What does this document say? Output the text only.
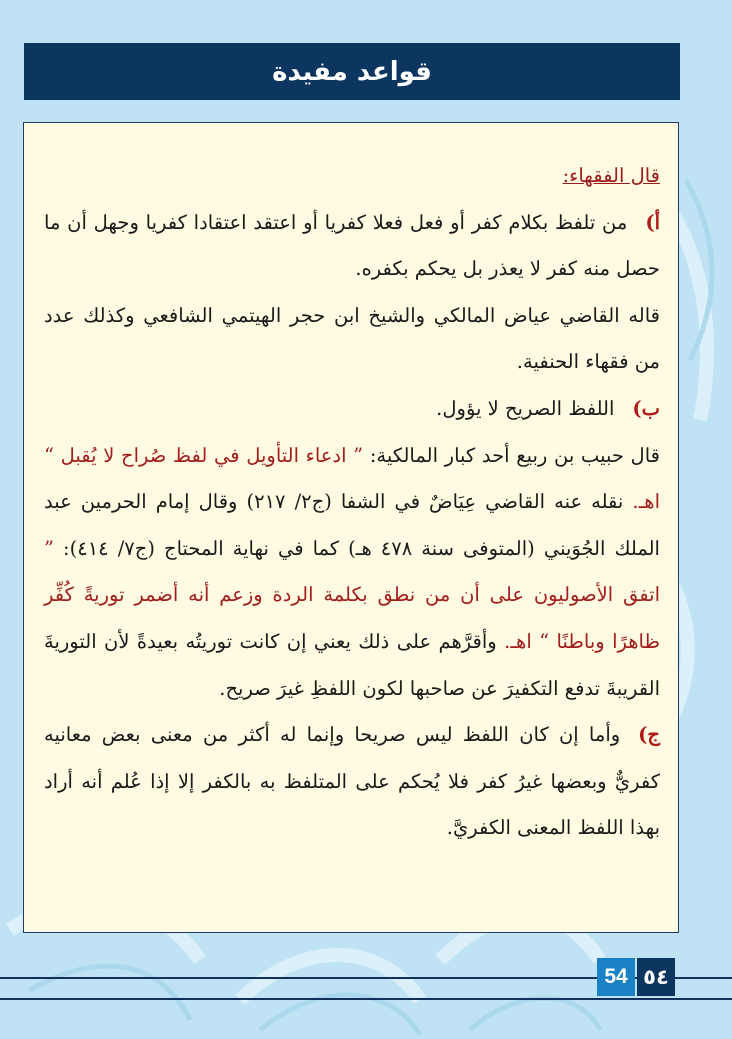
قواعد مفيدة

قال الفقهاء:

أ)من تلفظ بكلام كفر أو فعل فعلا كفريا أو اعتقد اعتقادا كفريا وجهل أن ما حصل منه كفر لا يعذر بل يحكم بكفره.

قاله القاضي عياض المالكي والشيخ ابن حجر الهيتمي الشافعي وكذلك عدد من فقهاء الحنفية.

ب)اللفظ الصريح لا يؤول.

قال حبيب بن ربيع أحد كبار المالكية: ” ادعاء التأويل في لفظ صُراح لا يُقبل “ اهـ. نقله عنه القاضي عِيَاضٌ في الشفا (ج٢/ ٢١٧) وقال إمام الحرمين عبد الملك الجُوَيني (المتوفى سنة ٤٧٨ هـ) كما في نهاية المحتاج (ج٧/ ٤١٤): ” اتفق الأصوليون على أن من نطق بكلمة الردة وزعم أنه أضمر توريةً كُفِّر ظاهرًا وباطنًا “ اهـ. وأقرَّهم على ذلك يعني إن كانت توريتُه بعيدةً لأن التوريةَ القريبةَ تدفع التكفيرَ عن صاحبها لكون اللفظِ غيرَ صريح.

ج)وأما إن كان اللفظ ليس صريحا وإنما له أكثر من معنى بعض معانيه كفريٌّ وبعضها غيرُ كفر فلا يُحكم على المتلفظ به بالكفر إلا إذا عُلم أنه أراد بهذا اللفظ المعنى الكفريَّ.

54 ٥٤
